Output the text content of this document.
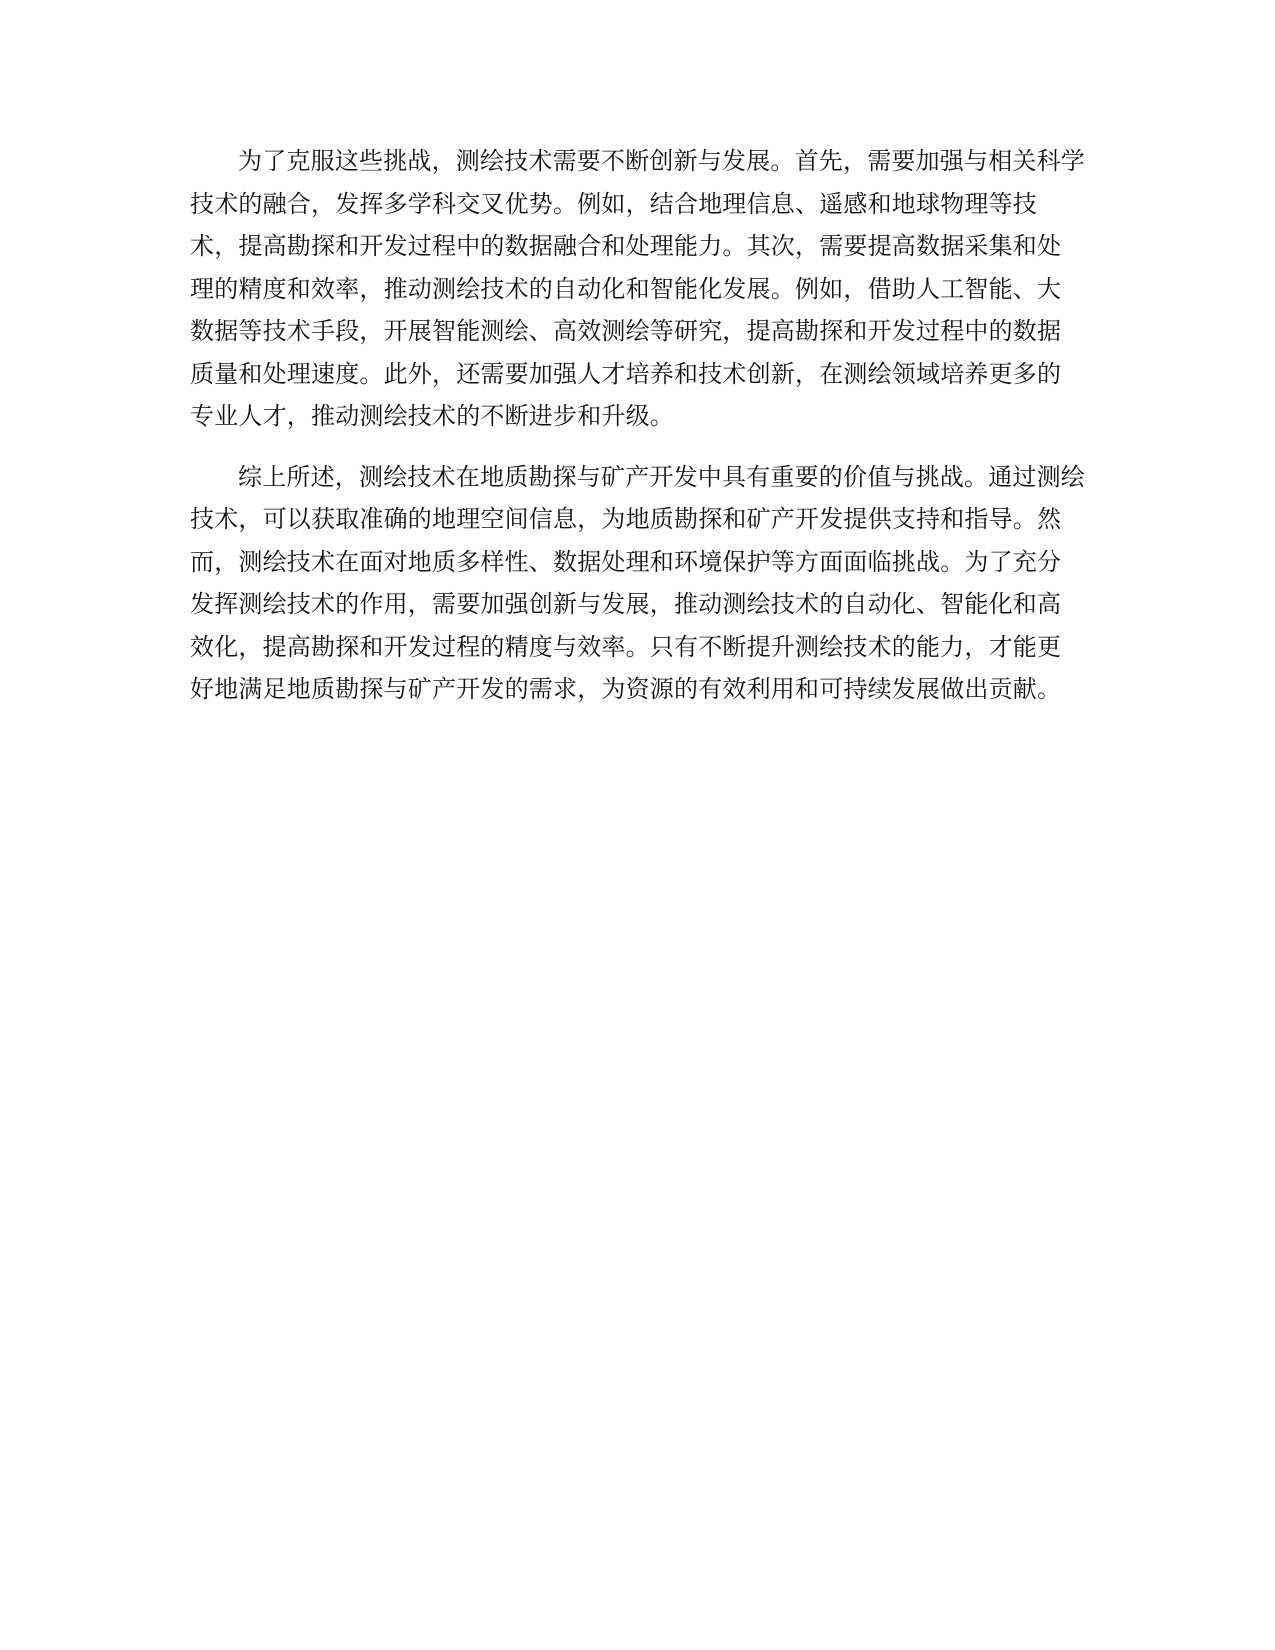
为了克服这些挑战，测绘技术需要不断创新与发展。首先，需要加强与相关科学技术的融合，发挥多学科交叉优势。例如，结合地理信息、遥感和地球物理等技术，提高勘探和开发过程中的数据融合和处理能力。其次，需要提高数据采集和处理的精度和效率，推动测绘技术的自动化和智能化发展。例如，借助人工智能、大数据等技术手段，开展智能测绘、高效测绘等研究，提高勘探和开发过程中的数据质量和处理速度。此外，还需要加强人才培养和技术创新，在测绘领域培养更多的专业人才，推动测绘技术的不断进步和升级。

综上所述，测绘技术在地质勘探与矿产开发中具有重要的价值与挑战。通过测绘技术，可以获取准确的地理空间信息，为地质勘探和矿产开发提供支持和指导。然而，测绘技术在面对地质多样性、数据处理和环境保护等方面面临挑战。为了充分发挥测绘技术的作用，需要加强创新与发展，推动测绘技术的自动化、智能化和高效化，提高勘探和开发过程的精度与效率。只有不断提升测绘技术的能力，才能更好地满足地质勘探与矿产开发的需求，为资源的有效利用和可持续发展做出贡献。
